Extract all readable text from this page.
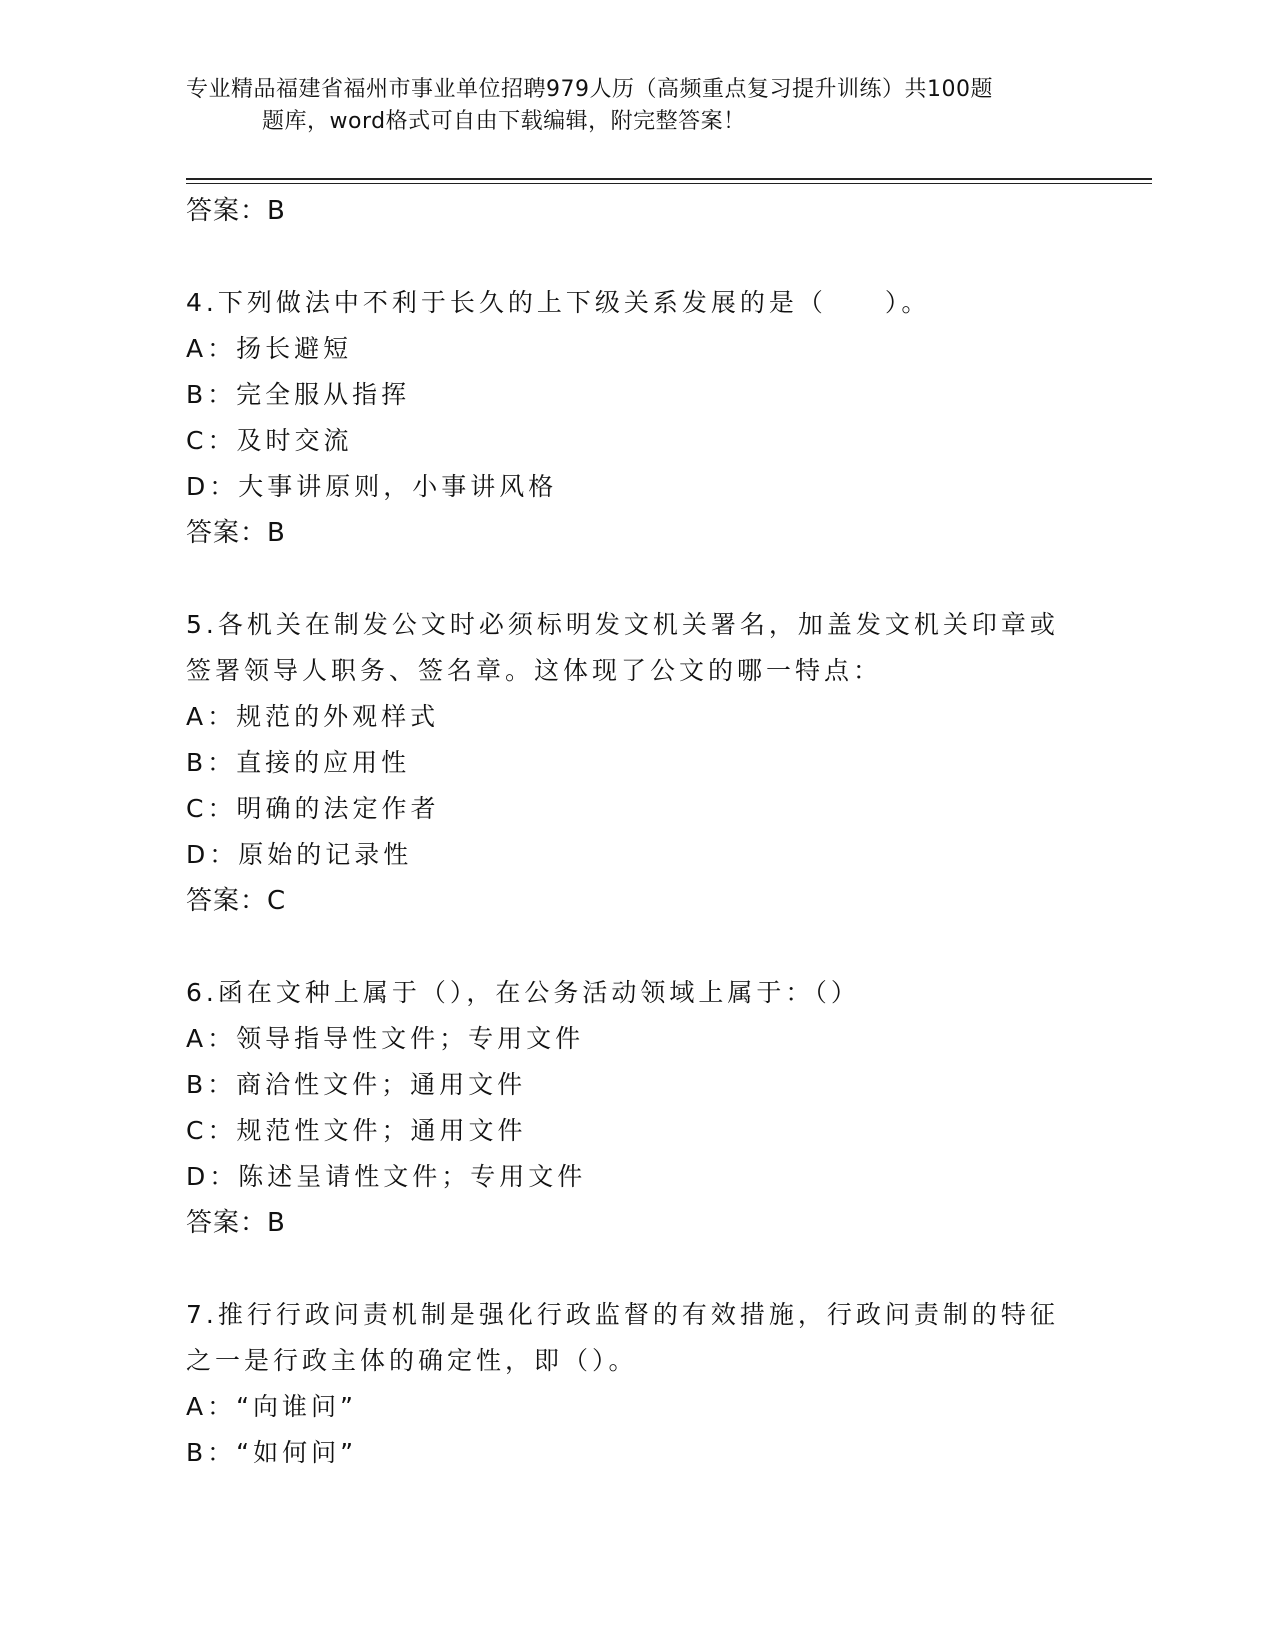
专业精品福建省福州市事业单位招聘979人历（高频重点复习提升训练）共100题
题库，word格式可自由下载编辑，附完整答案！
答案：B
4.下列做法中不利于长久的上下级关系发展的是（　　）。
A：扬长避短
B：完全服从指挥
C：及时交流
D：大事讲原则，小事讲风格
答案：B
5.各机关在制发公文时必须标明发文机关署名，加盖发文机关印章或
签署领导人职务、签名章。这体现了公文的哪一特点：
A：规范的外观样式
B：直接的应用性
C：明确的法定作者
D：原始的记录性
答案：C
6.函在文种上属于（），在公务活动领域上属于：（）
A：领导指导性文件；专用文件
B：商洽性文件；通用文件
C：规范性文件；通用文件
D：陈述呈请性文件；专用文件
答案：B
7.推行行政问责机制是强化行政监督的有效措施，行政问责制的特征
之一是行政主体的确定性，即（）。
A：“向谁问”
B：“如何问”
